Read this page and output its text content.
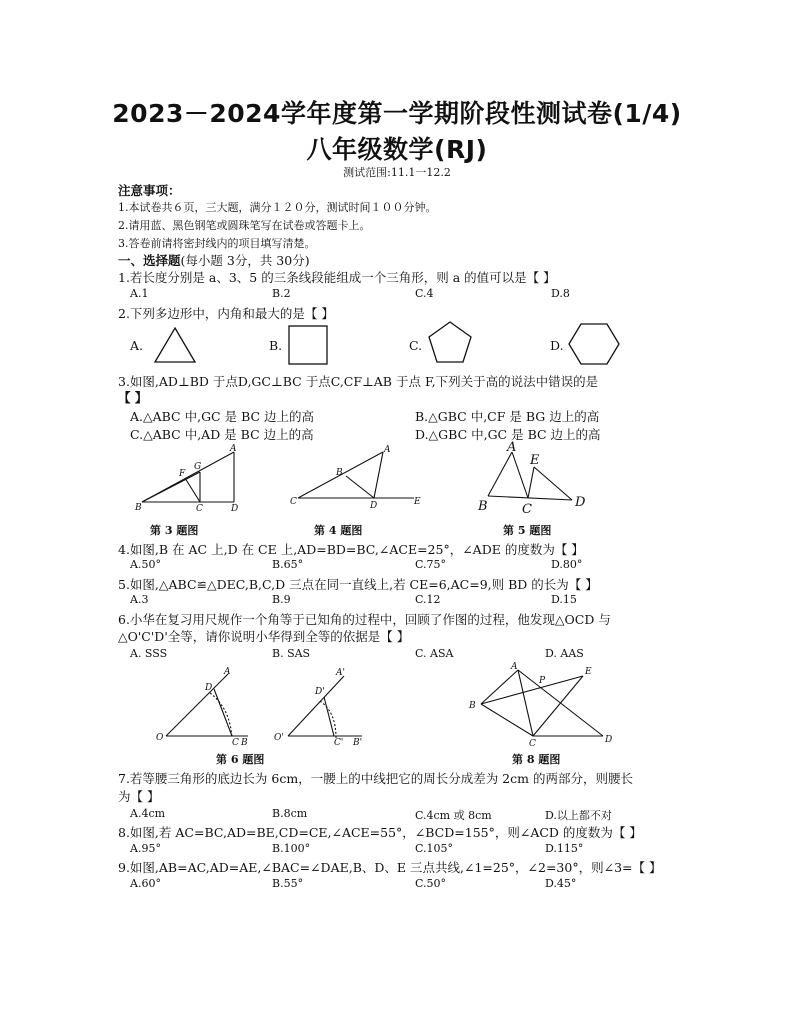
2023－2024学年度第一学期阶段性测试卷(1/4)
八年级数学(RJ)
测试范围:11.1一12.2
注意事项：
1.本试卷共６页，三大题，满分１２０分，测试时间１００分钟。
2.请用蓝、黑色钢笔或圆珠笔写在试卷或答题卡上。
3.答卷前请将密封线内的项目填写清楚。
一、选择题(每小题 3分，共 30分)
1.若长度分别是 a、3、5 的三条线段能组成一个三角形，则 a 的值可以是【 】
A.1	B.2	C.4	D.8
2.下列多边形中，内角和最大的是【 】
A.	B.	C.	D.
3.如图,AD⊥BD 于点D,GC⊥BC 于点C,CF⊥AB 于点 F,下列关于高的说法中错误的是
【 】
A.△ABC 中,GC 是 BC 边上的高	B.△GBC 中,CF 是 BG 边上的高
C.△ABC 中,AD 是 BC 边上的高	D.△GBC 中,GC 是 BC 边上的高
A
B	C	D
F
G
A
B
C	D	E
A
B	C	D
E
第 3 题图	第 4 题图	第 5 题图
4.如图,B 在 AC 上,D 在 CE 上,AD=BD=BC,∠ACE=25°，∠ADE 的度数为【 】
A.50°	B.65°	C.75°	D.80°
5.如图,△ABC≌△DEC,B,C,D 三点在同一直线上,若 CE=6,AC=9,则 BD 的长为【 】
A.3	B.9	C.12	D.15
6.小华在复习用尺规作一个角等于已知角的过程中，回顾了作图的过程，他发现△OCD 与
△O'C'D'全等，请你说明小华得到全等的依据是【 】
A. SSS	B. SAS	C. ASA	D. AAS
A
B
C
D
O
A'
B'
C'
D'
O'
A
B
C	D
E
P
第 6 题图	第 8 题图
7.若等腰三角形的底边长为 6cm，一腰上的中线把它的周长分成差为 2cm 的两部分，则腰长
为【 】
A.4cm	B.8cm	C.4cm 或 8cm	D.以上都不对
8.如图,若 AC=BC,AD=BE,CD=CE,∠ACE=55°，∠BCD=155°，则∠ACD 的度数为【 】
A.95°	B.100°	C.105°	D.115°
9.如图,AB=AC,AD=AE,∠BAC=∠DAE,B、D、E 三点共线,∠1=25°，∠2=30°，则∠3=【 】
A.60°	B.55°	C.50°	D.45°
